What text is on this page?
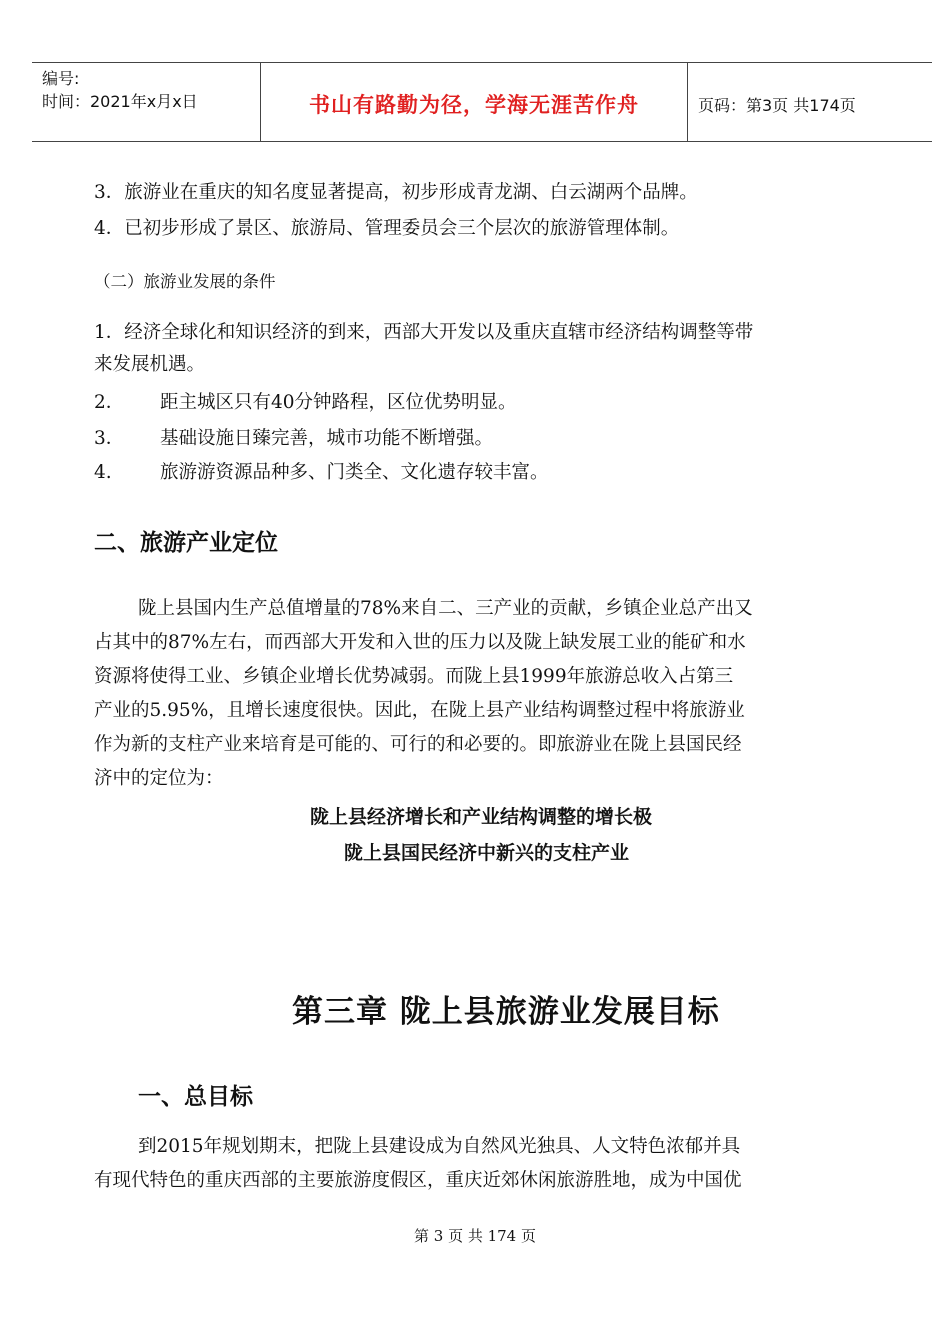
编号:
时间：2021年x月x日	书山有路勤为径，学海无涯苦作舟	页码：第3页 共174页
3．旅游业在重庆的知名度显著提高，初步形成青龙湖、白云湖两个品牌。
4．已初步形成了景区、旅游局、管理委员会三个层次的旅游管理体制。
（二）旅游业发展的条件
1．经济全球化和知识经济的到来，西部大开发以及重庆直辖市经济结构调整等带
来发展机遇。
2． 距主城区只有40分钟路程，区位优势明显。
3． 基础设施日臻完善，城市功能不断增强。
4.	旅游游资源品种多、门类全、文化遗存较丰富。
二、旅游产业定位
陇上县国内生产总值增量的78%来自二、三产业的贡献，乡镇企业总产出又
占其中的87%左右，而西部大开发和入世的压力以及陇上缺发展工业的能矿和水
资源将使得工业、乡镇企业增长优势减弱。而陇上县1999年旅游总收入占第三
产业的5.95%，且增长速度很快。因此，在陇上县产业结构调整过程中将旅游业
作为新的支柱产业来培育是可能的、可行的和必要的。即旅游业在陇上县国民经
济中的定位为：
陇上县经济增长和产业结构调整的增长极
陇上县国民经济中新兴的支柱产业
第三章 陇上县旅游业发展目标
一、总目标
到2015年规划期末，把陇上县建设成为自然风光独具、人文特色浓郁并具
有现代特色的重庆西部的主要旅游度假区，重庆近郊休闲旅游胜地，成为中国优
第 3 页 共 174 页
